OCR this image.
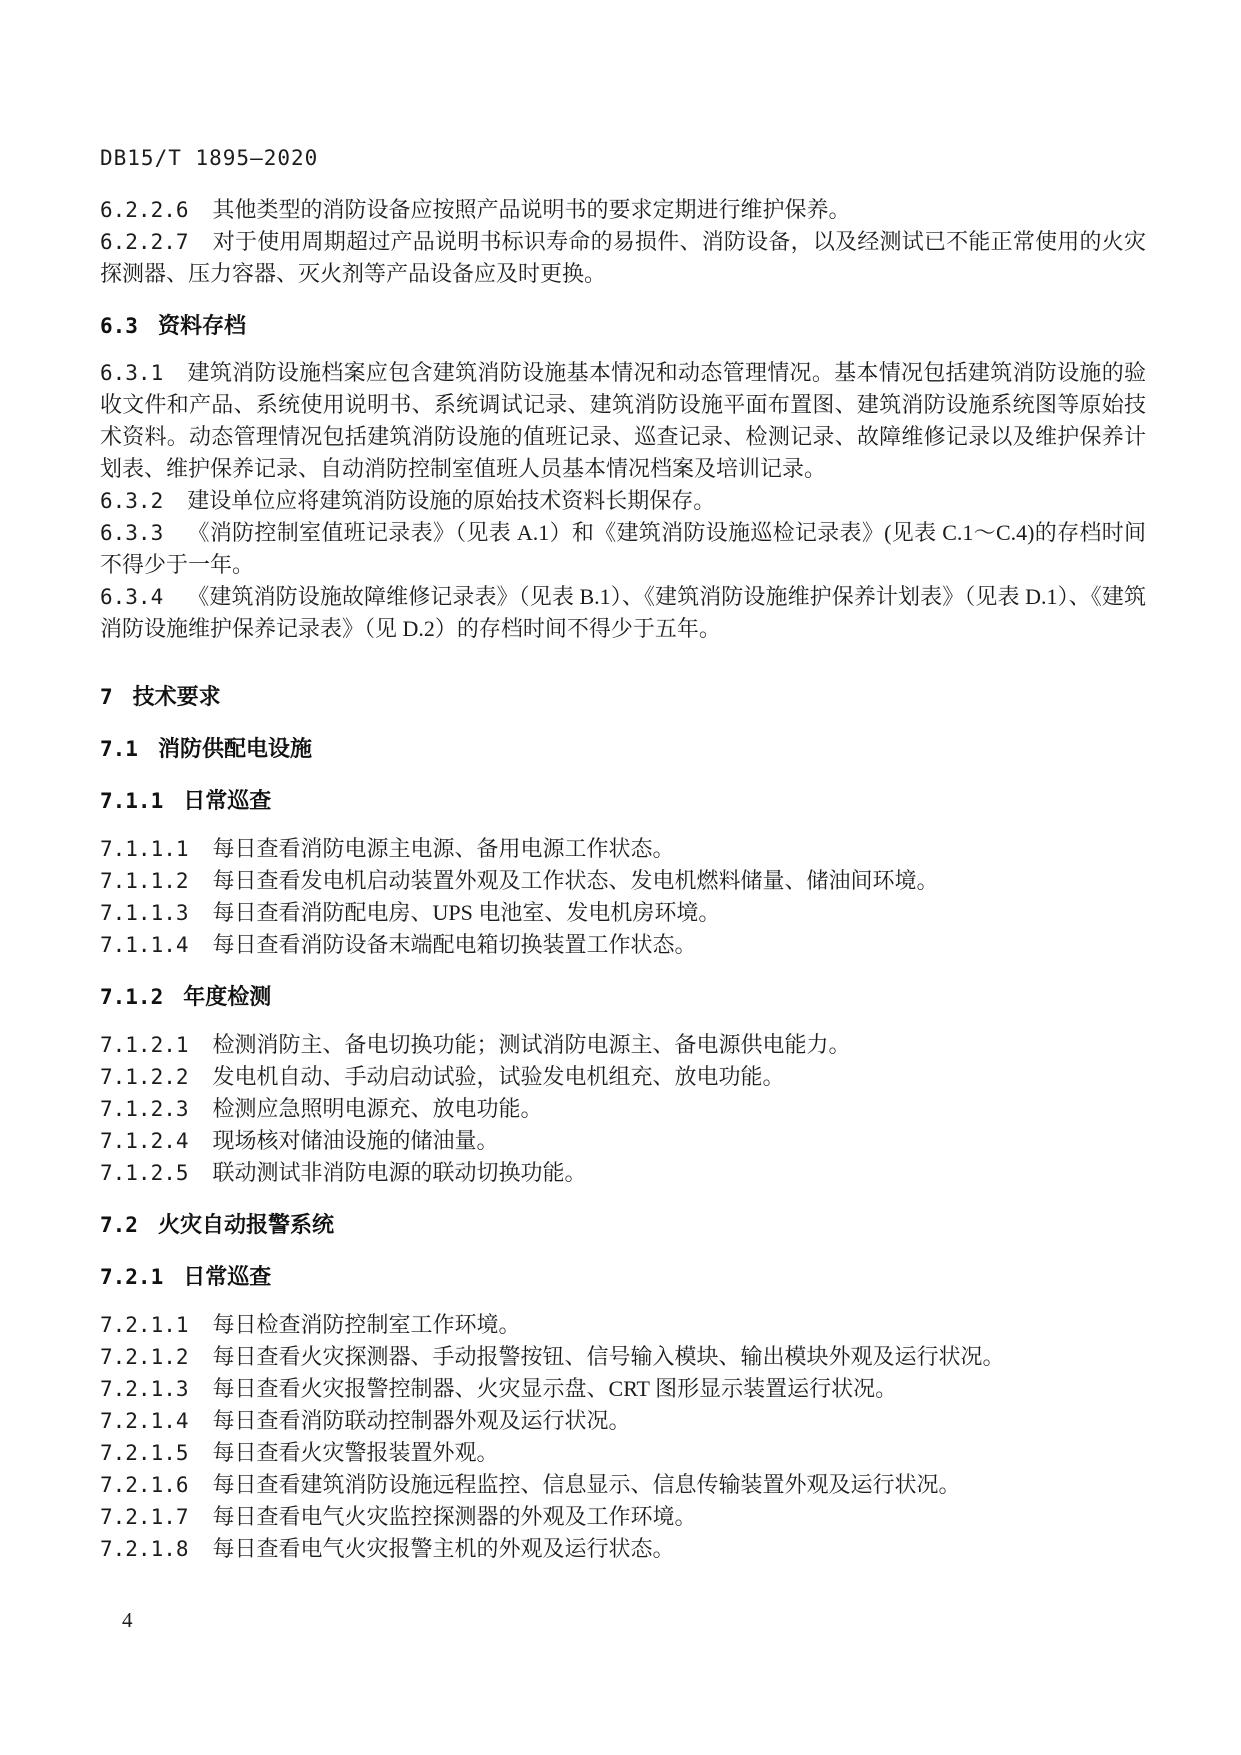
DB15/T 1895—2020

6.2.2.6 其他类型的消防设备应按照产品说明书的要求定期进行维护保养。

6.2.2.7 对于使用周期超过产品说明书标识寿命的易损件、消防设备，以及经测试已不能正常使用的火灾探测器、压力容器、灭火剂等产品设备应及时更换。

6.3 资料存档

6.3.1 建筑消防设施档案应包含建筑消防设施基本情况和动态管理情况。基本情况包括建筑消防设施的验收文件和产品、系统使用说明书、系统调试记录、建筑消防设施平面布置图、建筑消防设施系统图等原始技术资料。动态管理情况包括建筑消防设施的值班记录、巡查记录、检测记录、故障维修记录以及维护保养计划表、维护保养记录、自动消防控制室值班人员基本情况档案及培训记录。

6.3.2 建设单位应将建筑消防设施的原始技术资料长期保存。

6.3.3 《消防控制室值班记录表》（见表 A.1）和《建筑消防设施巡检记录表》(见表 C.1～C.4)的存档时间不得少于一年。

6.3.4 《建筑消防设施故障维修记录表》（见表 B.1）、《建筑消防设施维护保养计划表》（见表 D.1）、《建筑消防设施维护保养记录表》（见 D.2）的存档时间不得少于五年。

7 技术要求

7.1 消防供配电设施

7.1.1 日常巡查

7.1.1.1 每日查看消防电源主电源、备用电源工作状态。

7.1.1.2 每日查看发电机启动装置外观及工作状态、发电机燃料储量、储油间环境。

7.1.1.3 每日查看消防配电房、UPS 电池室、发电机房环境。

7.1.1.4 每日查看消防设备末端配电箱切换装置工作状态。

7.1.2 年度检测

7.1.2.1 检测消防主、备电切换功能；测试消防电源主、备电源供电能力。

7.1.2.2 发电机自动、手动启动试验，试验发电机组充、放电功能。

7.1.2.3 检测应急照明电源充、放电功能。

7.1.2.4 现场核对储油设施的储油量。

7.1.2.5 联动测试非消防电源的联动切换功能。

7.2 火灾自动报警系统

7.2.1 日常巡查

7.2.1.1 每日检查消防控制室工作环境。

7.2.1.2 每日查看火灾探测器、手动报警按钮、信号输入模块、输出模块外观及运行状况。

7.2.1.3 每日查看火灾报警控制器、火灾显示盘、CRT 图形显示装置运行状况。

7.2.1.4 每日查看消防联动控制器外观及运行状况。

7.2.1.5 每日查看火灾警报装置外观。

7.2.1.6 每日查看建筑消防设施远程监控、信息显示、信息传输装置外观及运行状况。

7.2.1.7 每日查看电气火灾监控探测器的外观及工作环境。

7.2.1.8 每日查看电气火灾报警主机的外观及运行状态。

4
